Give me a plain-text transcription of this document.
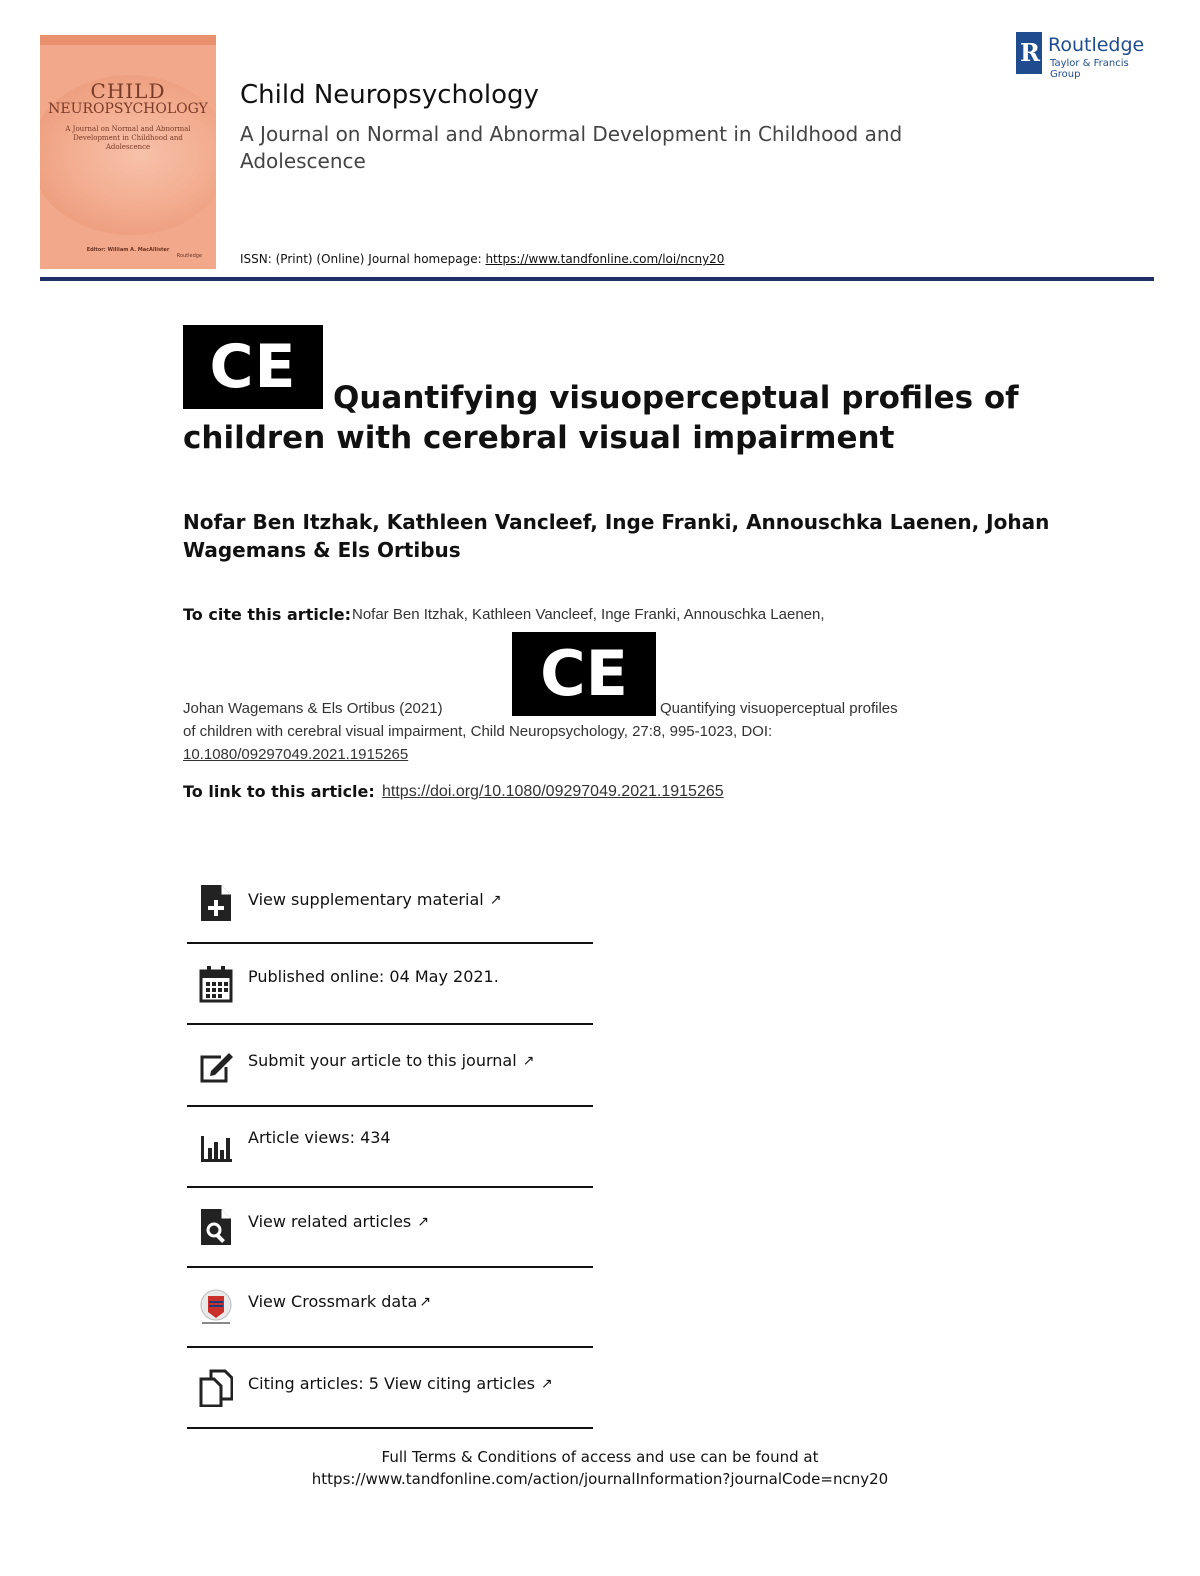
CHILD
NEUROPSYCHOLOGY
A Journal on Normal and Abnormal Development in Childhood and Adolescence
Editor: William A. MacAllister
Routledge
Child Neuropsychology
A Journal on Normal and Abnormal Development in Childhood and Adolescence
ISSN: (Print) (Online) Journal homepage: https://www.tandfonline.com/loi/ncny20
R Routledge
Taylor & Francis Group
CE	Quantifying visuoperceptual profiles of children with cerebral visual impairment
Nofar Ben Itzhak, Kathleen Vancleef, Inge Franki, Annouschka Laenen, Johan Wagemans & Els Ortibus
To cite this article: Nofar Ben Itzhak, Kathleen Vancleef, Inge Franki, Annouschka Laenen,
CE
Johan Wagemans & Els Ortibus (2021)	Quantifying visuoperceptual profiles
of children with cerebral visual impairment, Child Neuropsychology, 27:8, 995-1023, DOI:
10.1080/09297049.2021.1915265
To link to this article: https://doi.org/10.1080/09297049.2021.1915265
View supplementary material ↗︎
Published online: 04 May 2021.
Submit your article to this journal ↗︎
Article views: 434
View related articles ↗︎
View Crossmark data ↗︎
Citing articles: 5 View citing articles ↗︎
Full Terms & Conditions of access and use can be found at
https://www.tandfonline.com/action/journalInformation?journalCode=ncny20
